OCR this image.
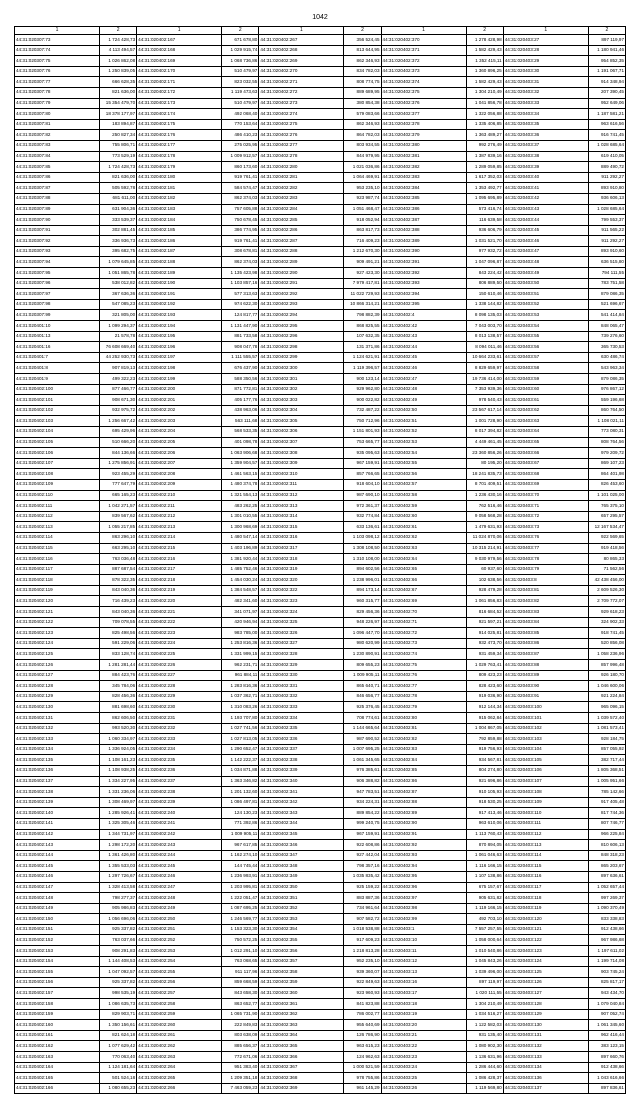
1042
1	2	1	2	1	2	1	2	1	2
44:31:020307:73	1 724 428,73	44:31:020402:167	671 678,80	44:31:020402:267	356 524,45	44:31:020402:370	1 278 428,98	44:31:020403:27	897 119,97
44:31:020307:74	4 113 494,57	44:31:020402:168	1 029 915,74	44:31:020402:268	813 644,95	44:31:020402:371	1 582 429,43	44:31:020403:28	1 180 941,46
44:31:020307:75	1 026 862,08	44:31:020402:169	1 068 736,86	44:31:020402:269	862 346,93	44:31:020402:372	1 352 415,11	44:31:020403:29	954 852,35
44:31:020307:76	1 250 839,05	44:31:020402:170	510 479,97	44:31:020402:270	834 782,03	44:31:020402:373	1 360 896,25	44:31:020403:30	1 191 067,71
44:31:020307:77	666 628,35	44:31:020402:171	823 032,55	44:31:020402:271	808 774,75	44:31:020402:374	1 582 429,43	44:31:020403:31	914 348,94
44:31:020307:78	821 636,00	44:31:020402:172	1 119 473,63	44:31:020402:272	889 689,95	44:31:020402:375	1 304 210,49	44:31:020403:32	207 390,45
44:31:020307:79	15 354 479,70	44:31:020402:173	510 479,97	44:31:020402:273	380 854,38	44:31:020402:376	1 041 856,78	44:31:020403:33	952 649,06
44:31:020307:80	18 378 177,97	44:31:020402:174	492 068,40	44:31:020402:274	579 083,66	44:31:020402:377	1 322 056,88	44:31:020403:34	1 187 581,21
44:31:020307:81	183 894,87	44:31:020402:175	770 153,64	44:31:020402:275	862 346,93	44:31:020402:378	1 335 406,85	44:31:020403:35	963 616,56
44:31:020307:82	250 827,34	44:31:020402:176	486 410,23	44:31:020402:276	864 782,03	44:31:020402:379	1 363 489,27	44:31:020403:36	916 741,45
44:31:020307:83	755 806,71	44:31:020402:177	275 025,95	44:31:020402:277	803 934,55	44:31:020402:380	992 276,49	44:31:020403:37	1 028 685,64
44:31:020307:84	773 529,19	44:31:020402:178	1 009 912,57	44:31:020402:278	844 979,95	44:31:020402:381	1 387 839,16	44:31:020403:38	619 410,05
44:31:020307:85	1 724 428,73	44:31:020402:179	860 173,60	44:31:020402:280	1 021 036,86	44:31:020402:382	1 289 059,85	44:31:020403:39	889 490,72
44:31:020307:86	821 636,00	44:31:020402:180	919 761,41	44:31:020402:281	1 064 469,91	44:31:020402:383	1 617 352,03	44:31:020403:40	911 292,27
44:31:020307:87	505 592,78	44:31:020402:181	584 574,47	44:31:020402:282	953 235,10	44:31:020402:384	1 353 492,77	44:31:020403:41	893 910,80
44:31:020307:88	681 611,00	44:31:020402:182	862 374,03	44:31:020402:283	923 987,74	44:31:020402:385	1 095 695,89	44:31:020403:42	936 606,13
44:31:020307:89	631 904,36	44:31:020402:183	757 605,88	44:31:020402:284	1 051 468,47	44:31:020402:386	573 416,74	44:31:020403:43	1 028 685,64
44:31:020307:90	333 539,37	44:31:020402:184	750 678,45	44:31:020402:285	918 052,94	44:31:020402:387	116 639,58	44:31:020403:44	799 553,37
44:31:020307:91	302 881,45	44:31:020402:185	386 774,95	44:31:020402:286	863 817,73	44:31:020402:388	936 606,79	44:31:020403:45	911 565,22
44:31:020307:92	336 936,73	44:31:020402:186	919 761,41	44:31:020402:287	716 409,23	44:31:020402:389	1 031 521,70	44:31:020403:46	911 292,27
44:31:020307:93	395 682,75	44:31:020402:187	308 678,81	44:31:020402:288	1 212 670,30	44:31:020402:390	977 932,72	44:31:020403:47	893 910,60
44:31:020307:94	1 079 645,85	44:31:020402:188	862 374,03	44:31:020402:289	909 491,21	44:31:020402:391	1 047 096,87	44:31:020403:48	636 515,80
44:31:020307:95	1 051 865,78	44:31:020402:189	1 135 423,98	44:31:020402:290	927 423,30	44:31:020402:392	843 224,42	44:31:020403:49	794 111,55
44:31:020307:96	538 012,82	44:31:020402:190	1 103 857,16	44:31:020402:291	7 979 417,81	44:31:020402:393	806 889,50	44:31:020403:50	783 751,58
44:31:020307:97	367 636,36	44:31:020402:191	577 313,63	44:31:020402:292	11 022 729,93	44:31:020402:394	150 610,46	44:31:020403:51	879 086,35
44:31:020307:98	547 085,23	44:31:020402:192	974 622,30	44:31:020402:293	10 866 314,21	44:31:020402:395	1 338 144,82	44:31:020403:52	521 696,67
44:31:020307:99	321 805,00	44:31:020402:193	124 817,77	44:31:020402:294	798 882,39	44:31:020402:4	8 098 135,03	44:31:020403:53	541 414,84
44:31:020401:10	1 099 294,37	44:31:020402:194	1 131 447,90	44:31:020402:295	868 825,55	44:31:020402:42	7 043 003,70	44:31:020403:54	848 065,47
44:31:020401:13	21 578,78	44:31:020402:195	881 733,58	44:31:020402:296	107 632,35	44:31:020402:43	8 013 138,57	44:31:020403:55	739 276,60
44:31:020401:16	76 608 669,40	44:31:020402:196	908 047,78	44:31:020402:298	131 371,86	44:31:020402:44	8 094 011,46	44:31:020403:56	365 730,53
44:31:020401:7	44 252 930,73	44:31:020402:197	1 111 555,57	44:31:020402:299	1 124 621,91	44:31:020402:45	10 664 233,61	44:31:020403:57	630 486,74
44:31:020401:8	907 819,13	44:31:020402:198	676 437,90	44:31:020402:300	1 119 396,57	44:31:020402:46	8 829 659,97	44:31:020403:58	543 963,34
44:31:020401:9	499 322,23	44:31:020402:199	588 350,56	44:31:020402:301	900 123,14	44:31:020402:47	19 736 414,00	44:31:020403:59	879 086,35
44:31:020402:100	877 466,77	44:31:020402:200	871 772,81	44:31:020402:302	929 962,80	44:31:020402:48	7 353 939,36	44:31:020403:60	976 867,12
44:31:020402:101	908 671,30	44:31:020402:201	405 177,76	44:31:020402:303	900 022,82	44:31:020402:49	978 540,43	44:31:020403:61	559 196,68
44:31:020402:102	932 975,72	44:31:020402:202	438 963,06	44:31:020402:304	732 487,22	44:31:020402:50	23 567 617,14	44:31:020403:62	860 764,50
44:31:020402:103	1 256 667,42	44:31:020402:203	563 111,68	44:31:020402:305	750 712,96	44:31:020402:51	1 001 728,90	44:31:020403:63	1 108 021,11
44:31:020402:104	695 429,96	44:31:020402:204	568 533,35	44:31:020402:306	1 151 801,93	44:31:020402:52	8 017 394,82	44:31:020403:64	773 080,31
44:31:020402:105	510 666,20	44:31:020402:205	401 098,78	44:31:020402:307	753 665,77	44:31:020402:53	4 449 461,45	44:31:020403:65	808 764,56
44:31:020402:106	844 136,66	44:31:020402:206	1 063 906,68	44:31:020402:308	935 095,63	44:31:020402:54	23 360 856,26	44:31:020403:66	979 209,72
44:31:020402:107	1 275 856,91	44:31:020402:207	1 359 904,57	44:31:020402:309	967 159,91	44:31:020402:55	80 195,20	44:31:020403:67	869 107,23
44:31:020402:108	923 455,29	44:31:020402:208	1 461 563,15	44:31:020402:310	857 766,65	44:31:020402:56	18 241 835,73	44:31:020403:68	864 401,98
44:31:020402:109	777 647,79	44:31:020402:209	1 480 374,78	44:31:020402:311	918 604,10	44:31:020402:57	8 701 409,51	44:31:020403:69	826 453,60
44:31:020402:110	665 165,23	44:31:020402:210	1 321 554,13	44:31:020402:312	987 690,10	44:31:020402:58	1 236 430,16	44:31:020403:70	1 101 025,00
44:31:020402:111	1 042 271,57	44:31:020402:211	483 262,25	44:31:020402:313	972 361,37	44:31:020402:59	762 516,46	44:31:020403:71	765 375,10
44:31:020402:112	839 567,62	44:31:020402:212	1 301 010,55	44:31:020402:314	932 774,84	44:31:020402:60	9 058 568,28	44:31:020403:72	657 295,57
44:31:020402:113	1 055 217,85	44:31:020402:213	1 300 968,69	44:31:020402:315	633 136,61	44:31:020402:61	1 479 631,93	44:31:020403:73	12 167 534,47
44:31:020402:114	863 296,10	44:31:020402:214	1 480 547,14	44:31:020402:316	1 103 098,12	44:31:020402:62	11 024 870,06	44:31:020403:76	922 569,65
44:31:020402:115	663 295,10	44:31:020402:215	1 403 196,89	44:31:020402:317	1 308 108,50	44:31:020402:63	10 315 214,91	44:31:020403:77	919 418,56
44:31:020402:116	763 036,48	44:31:020402:216	1 381 920,44	44:31:020402:318	1 310 108,00	44:31:020402:64	9 030 979,56	44:31:020403:78	80 865,33
44:31:020402:117	887 687,54	44:31:020402:217	1 485 752,46	44:31:020402:319	894 602,56	44:31:020402:65	60 937,60	44:31:020403:79	71 562,56
44:31:020402:118	878 322,35	44:31:020402:218	1 454 030,24	44:31:020402:320	1 238 996,01	44:31:020402:66	102 638,56	44:31:020403:8	42 438 456,00
44:31:020402:119	843 040,36	44:31:020402:219	1 384 548,57	44:31:020402:322	894 173,14	44:31:020402:67	928 479,28	44:31:020403:81	2 609 526,30
44:31:020402:120	716 439,23	44:31:020402:220	482 341,60	44:31:020402:323	960 315,77	44:31:020402:69	1 061 856,83	44:31:020403:82	2 709 772,07
44:31:020402:121	843 040,36	44:31:020402:221	341 071,97	44:31:020402:324	829 456,36	44:31:020402:70	816 684,52	44:31:020403:83	929 618,23
44:31:020402:122	709 078,55	44:31:020402:222	420 946,94	44:31:020402:325	948 226,97	44:31:020402:71	921 597,21	44:31:020403:84	324 902,33
44:31:020402:123	825 498,56	44:31:020402:223	983 785,00	44:31:020402:326	1 096 447,70	44:31:020402:72	914 025,81	44:31:020403:85	918 741,45
44:31:020402:124	591 229,06	44:31:020402:224	1 253 816,36	44:31:020402:327	980 620,99	44:31:020402:73	932 473,70	44:31:020403:86	520 856,08
44:31:020402:125	833 128,74	44:31:020402:225	1 331 999,15	44:31:020402:328	1 230 890,91	44:31:020402:74	931 459,34	44:31:020403:87	1 058 236,96
44:31:020402:126	1 281 281,44	44:31:020402:226	962 231,71	44:31:020402:329	809 655,23	44:31:020402:75	1 029 763,41	44:31:020403:88	857 996,48
44:31:020402:127	884 423,76	44:31:020402:227	961 884,11	44:31:020402:330	1 009 905,11	44:31:020402:76	809 423,23	44:31:020403:89	926 180,70
44:31:020402:128	345 784,06	44:31:020402:228	1 283 816,36	44:31:020402:331	865 640,71	44:31:020402:77	828 423,60	44:31:020403:90	1 046 600,06
44:31:020402:129	828 456,36	44:31:020402:229	1 037 362,71	44:31:020402:332	846 656,77	44:31:020402:78	919 036,90	44:31:020403:91	921 224,84
44:31:020402:130	881 698,60	44:31:020402:230	1 310 083,26	44:31:020402:333	925 376,45	44:31:020402:79	912 144,34	44:31:020403:100	965 096,15
44:31:020402:131	862 606,50	44:31:020402:231	1 193 707,80	44:31:020402:334	708 774,61	44:31:020402:80	915 062,84	44:31:020403:101	1 039 572,40
44:31:020402:132	993 520,30	44:31:020402:232	1 027 741,56	44:31:020402:335	1 144 665,64	44:31:020402:81	1 004 867,05	44:31:020403:102	1 081 573,41
44:31:020402:133	1 060 334,97	44:31:020402:233	1 027 813,05	44:31:020402:336	987 690,52	44:31:020402:82	792 859,88	44:31:020403:103	928 184,75
44:31:020402:134	1 336 924,05	44:31:020402:234	1 290 652,47	44:31:020402:337	1 007 695,25	44:31:020402:83	919 756,93	44:31:020403:104	857 055,92
44:31:020402:135	1 108 161,23	44:31:020402:235	1 142 222,37	44:31:020402:338	1 061 345,65	44:31:020402:84	934 567,81	44:31:020403:105	382 717,44
44:31:020402:136	1 108 938,25	44:31:020402:236	1 034 871,88	44:31:020402:339	976 385,61	44:31:020402:85	804 274,80	44:31:020403:106	1 805 368,51
44:31:020402:137	1 334 227,95	44:31:020402:237	1 363 346,82	44:31:020402:340	906 388,82	44:31:020402:86	921 696,86	44:31:020403:107	1 005 951,66
44:31:020402:138	1 331 236,06	44:31:020402:238	1 201 132,60	44:31:020402:341	947 783,51	44:31:020402:87	910 105,93	44:31:020403:108	785 142,66
44:31:020402:139	1 308 469,97	44:31:020402:239	1 086 497,81	44:31:020402:342	934 224,31	44:31:020402:88	918 530,25	44:31:020403:109	917 405,48
44:31:020402:140	1 285 926,41	44:31:020402:240	124 130,23	44:31:020402:343	889 854,22	44:31:020402:89	917 413,46	44:31:020403:110	817 744,36
44:31:020402:141	1 325 305,46	44:31:020402:241	771 392,86	44:31:020402:344	999 240,75	44:31:020402:90	963 610,06	44:31:020403:111	807 746,77
44:31:020402:142	1 344 731,97	44:31:020402:242	1 009 905,11	44:31:020402:345	967 159,91	44:31:020402:91	1 113 760,43	44:31:020403:112	966 225,84
44:31:020402:143	1 298 172,20	44:31:020402:243	967 617,85	44:31:020402:346	922 608,86	44:31:020402:92	870 894,05	44:31:020403:113	810 606,13
44:31:020402:144	1 361 426,80	44:31:020402:244	1 162 274,10	44:31:020402:347	927 442,04	44:31:020402:93	1 061 046,63	44:31:020403:114	848 318,23
44:31:020402:145	1 355 533,03	44:31:020402:245	144 745,44	44:31:020402:348	798 357,16	44:31:020402:94	1 116 166,15	44:31:020403:115	865 203,67
44:31:020402:146	1 297 726,67	44:31:020402:246	1 236 993,91	44:31:020402:349	1 035 835,42	44:31:020402:95	1 107 138,86	44:31:020403:116	897 636,61
44:31:020402:147	1 328 413,58	44:31:020402:247	1 203 995,81	44:31:020402:350	925 159,22	44:31:020402:96	675 157,67	44:31:020403:117	1 052 657,44
44:31:020402:148	798 277,37	44:31:020402:248	1 222 051,47	44:31:020402:351	883 887,36	44:31:020402:97	905 631,82	44:31:020403:118	997 269,37
44:31:020402:149	905 986,83	44:31:020402:249	1 087 695,25	44:31:020402:352	734 961,64	44:31:020402:98	1 119 166,15	44:31:020403:119	1 090 370,49
44:31:020402:150	1 056 696,06	44:31:020402:250	1 246 569,77	44:31:020402:353	907 582,72	44:31:020402:99	492 703,10	44:31:020403:120	833 338,83
44:31:020402:151	925 337,82	44:31:020402:251	1 153 323,30	44:31:020402:354	1 018 538,88	44:31:020403:1	7 557 257,55	44:31:020403:121	912 438,66
44:31:020402:152	763 037,66	44:31:020402:252	750 572,25	44:31:020402:355	917 609,23	44:31:020403:10	1 058 000,64	44:31:020403:122	967 986,68
44:31:020402:153	908 291,83	44:31:020402:253	1 012 291,10	44:31:020402:356	1 218 813,28	44:31:020403:11	1 010 540,86	44:31:020403:123	1 197 611,02
44:31:020402:154	1 144 408,53	44:31:020402:254	763 068,65	44:31:020402:357	952 235,10	44:31:020403:12	1 045 843,26	44:31:020403:124	1 199 714,08
44:31:020402:155	1 047 092,57	44:31:020402:255	911 117,96	44:31:020402:358	939 360,07	44:31:020403:13	1 039 496,00	44:31:020403:125	903 745,24
44:31:020402:156	925 337,82	44:31:020402:256	859 668,59	44:31:020402:359	922 849,63	44:31:020403:16	897 119,97	44:31:020403:126	825 817,17
44:31:020402:157	998 535,19	44:31:020402:257	843 658,30	44:31:020402:360	923 960,93	44:31:020403:17	1 020 111,55	44:31:020403:127	943 434,70
44:31:020402:158	1 086 635,73	44:31:020402:258	863 652,77	44:31:020402:361	841 823,88	44:31:020403:18	1 304 210,49	44:31:020403:128	1 079 040,84
44:31:020402:159	829 903,71	44:31:020402:259	1 065 731,90	44:31:020402:362	786 002,77	44:31:020403:19	1 034 516,27	44:31:020403:129	907 052,74
44:31:020402:160	1 350 156,61	44:31:020402:260	222 849,83	44:31:020402:363	955 640,69	44:31:020403:20	1 122 582,03	44:31:020403:130	1 061 345,60
44:31:020402:161	821 624,18	44:31:020402:261	803 638,09	44:31:020402:364	126 786,90	44:31:020403:21	931 135,40	44:31:020403:131	962 416,44
44:31:020402:162	1 077 629,42	44:31:020402:262	885 656,37	44:31:020402:365	963 615,23	44:31:020403:22	1 080 902,30	44:31:020403:132	383 123,15
44:31:020402:163	770 063,40	44:31:020402:263	772 671,06	44:31:020402:366	124 962,63	44:31:020403:23	1 136 631,96	44:31:020403:133	897 660,76
44:31:020402:164	1 124 181,64	44:31:020402:264	951 383,40	44:31:020402:367	1 000 521,59	44:31:020403:24	1 286 444,60	44:31:020403:134	912 438,66
44:31:020402:165	501 524,18	44:31:020402:265	1 209 351,18	44:31:020402:368	978 755,86	44:31:020403:25	1 086 428,37	44:31:020403:136	1 043 616,66
44:31:020402:166	1 080 655,23	44:31:020402:266	7 463 059,23	44:31:020402:369	961 145,29	44:31:020403:26	1 119 569,80	44:31:020403:137	897 836,61
